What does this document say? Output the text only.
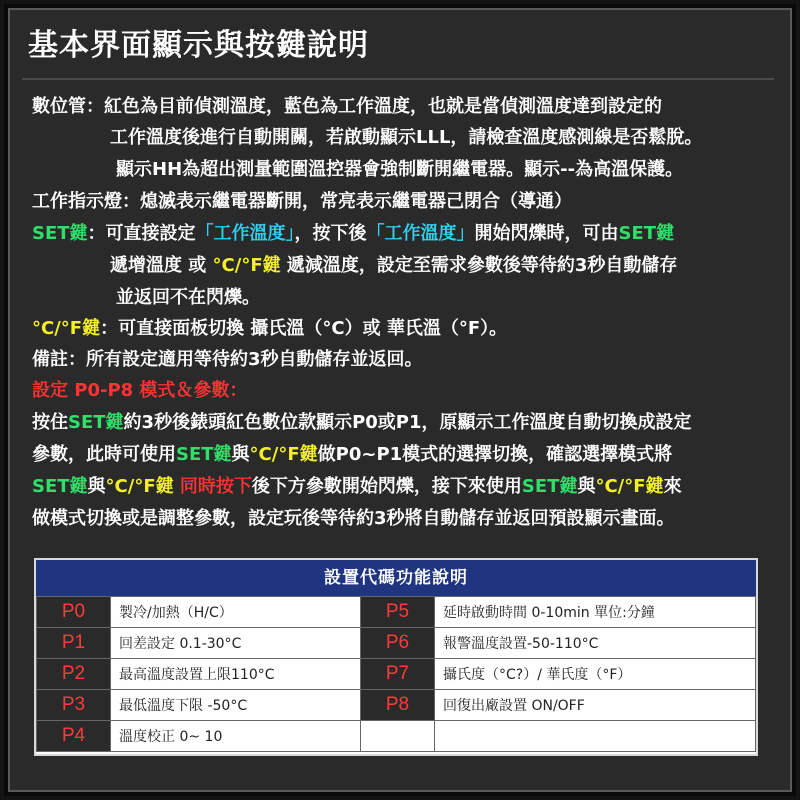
基本界面顯示與按鍵說明
數位管：紅色為目前偵測溫度，藍色為工作溫度，也就是當偵測溫度達到設定的
工作溫度後進行自動開關，若啟動顯示LLL，請檢查溫度感測線是否鬆脫。
顯示HH為超出測量範圍溫控器會強制斷開繼電器。顯示--為高溫保護。
工作指示燈：熄滅表示繼電器斷開，常亮表示繼電器己閉合（導通）
SET鍵：可直接設定「工作溫度」，按下後「工作溫度」開始閃爍時，可由SET鍵
遞增溫度 或 °C/°F鍵 遞減溫度，設定至需求參數後等待約3秒自動儲存
並返回不在閃爍。
°C/°F鍵：可直接面板切換 攝氏溫（°C）或 華氏溫（°F）。
備註：所有設定適用等待約3秒自動儲存並返回。
設定 P0-P8 模式＆參數：
按住SET鍵約3秒後錶頭紅色數位款顯示P0或P1，原顯示工作溫度自動切換成設定
參數，此時可使用SET鍵與°C/°F鍵做P0~P1模式的選擇切換，確認選擇模式將
SET鍵與°C/°F鍵 同時按下後下方參數開始閃爍，接下來使用SET鍵與°C/°F鍵來
做模式切換或是調整參數，設定玩後等待約3秒將自動儲存並返回預設顯示畫面。
設置代碼功能說明
P0	製冷/加熱（H/C）	P5	延時啟動時間 0-10min 單位:分鐘
P1	回差設定 0.1-30°C	P6	報警溫度設置-50-110°C
P2	最高溫度設置上限110°C	P7	攝氏度（°C?）/ 華氏度（°F）
P3	最低溫度下限 -50°C	P8	回復出廠設置 ON/OFF
P4	溫度校正 0~ 10		
